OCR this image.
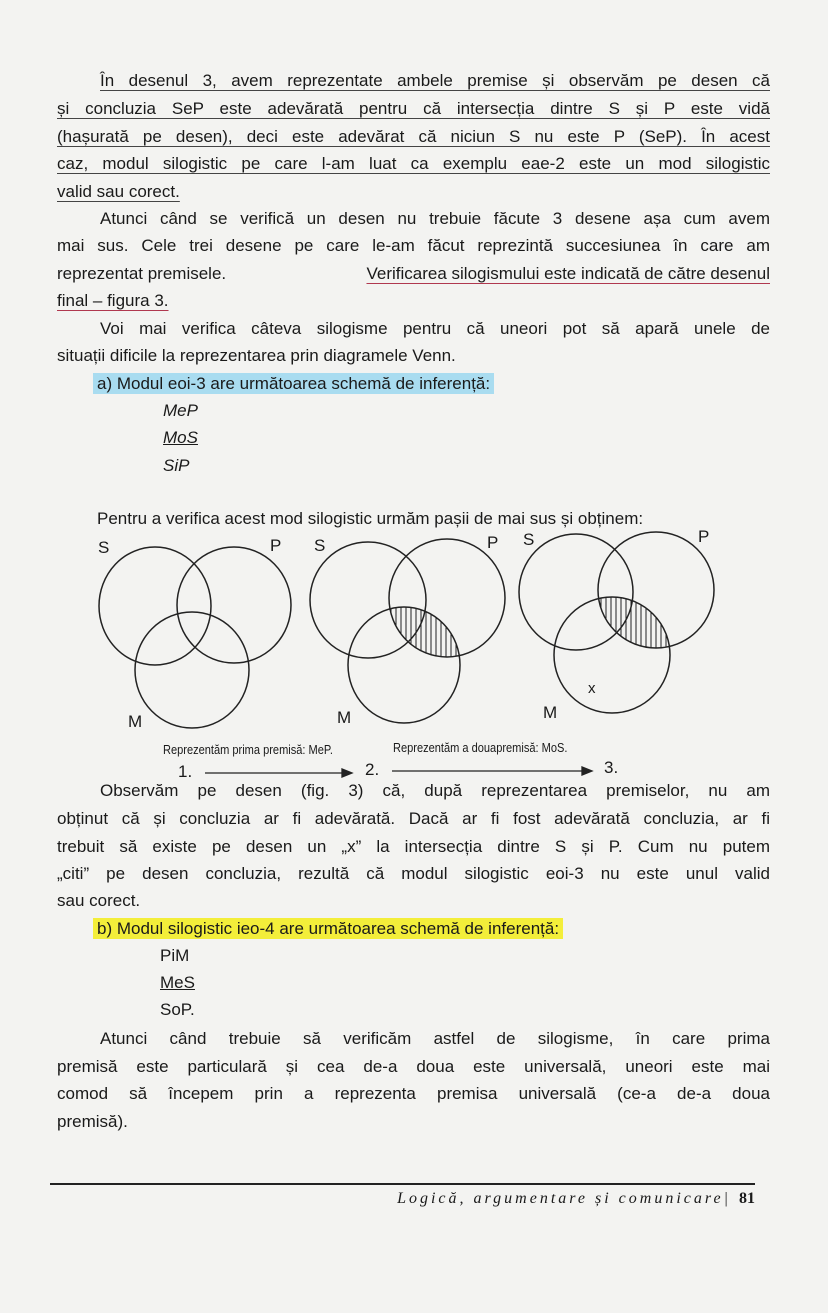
În desenul 3, avem reprezentate ambele premise și observăm pe desen că
și concluzia SeP este adevărată pentru că intersecția dintre S și P este vidă
(hașurată pe desen), deci este adevărat că niciun S nu este P (SeP). În acest
caz, modul silogistic pe care l-am luat ca exemplu eae-2 este un mod silogistic
valid sau corect.
Atunci când se verifică un desen nu trebuie făcute 3 desene așa cum avem
mai sus. Cele trei desene pe care le-am făcut reprezintă succesiunea în care am
reprezentat premisele.	Verificarea silogismului este indicată de către desenul
final – figura 3.
Voi mai verifica câteva silogisme pentru că uneori pot să apară unele de
situații dificile la reprezentarea prin diagramele Venn.
a) Modul eoi-3 are următoarea schemă de inferență:
MeP
MoS
SiP
Pentru a verifica acest mod silogistic urmăm pașii de mai sus și obținem:
S	P
M
S	P
M
S	P
M
x
Reprezentăm prima premisă: MeP.	Reprezentăm a douapremisă: MoS.
1.	2.	3.
Observăm pe desen (fig. 3) că, după reprezentarea premiselor, nu am
obținut că și concluzia ar fi adevărată. Dacă ar fi fost adevărată concluzia, ar fi
trebuit să existe pe desen un „x” la intersecția dintre S și P. Cum nu putem
„citi” pe desen concluzia, rezultă că modul silogistic eoi-3 nu este unul valid
sau corect.
b) Modul silogistic ieo-4 are următoarea schemă de inferență:
PiM
MeS
SoP.
Atunci când trebuie să verificăm astfel de silogisme, în care prima
premisă este particulară și cea de-a doua este universală, uneori este mai
comod să începem prin a reprezenta premisa universală (ce-a de-a doua
premisă).
Logică, argumentare și comunicare| 81
